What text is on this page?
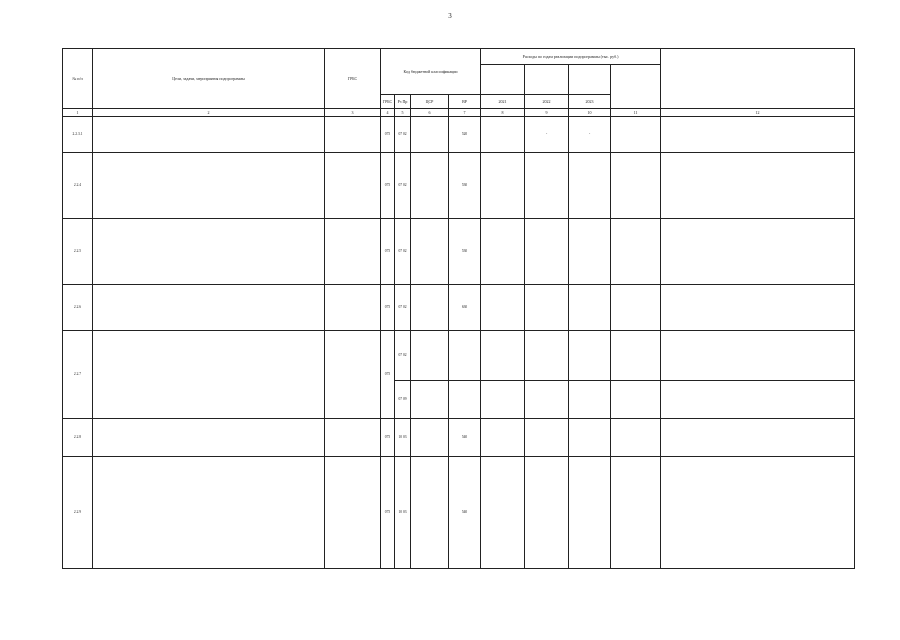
3
№ п/п	Цели, задачи, мероприятия подпрограммы	ГРБС	Код бюджетной классификации				Расходы по годам реализации подпрограммы (тыс. руб.)				

			ГРБС	Рз Пр	ЦСР	ВР	2021	2022	2023		
1	2	3	4	5	6	7	8	9	10	11	12
2.2.3.1			075	07 02		520		-	-		
2.2.4			075	07 02		530					
2.2.5			075	07 02		530					
2.2.6			075	07 02		630					
2.2.7			075	07 02							
				07 09							
2.2.8			075	10 03		540					
2.2.9			075	10 03		540					
